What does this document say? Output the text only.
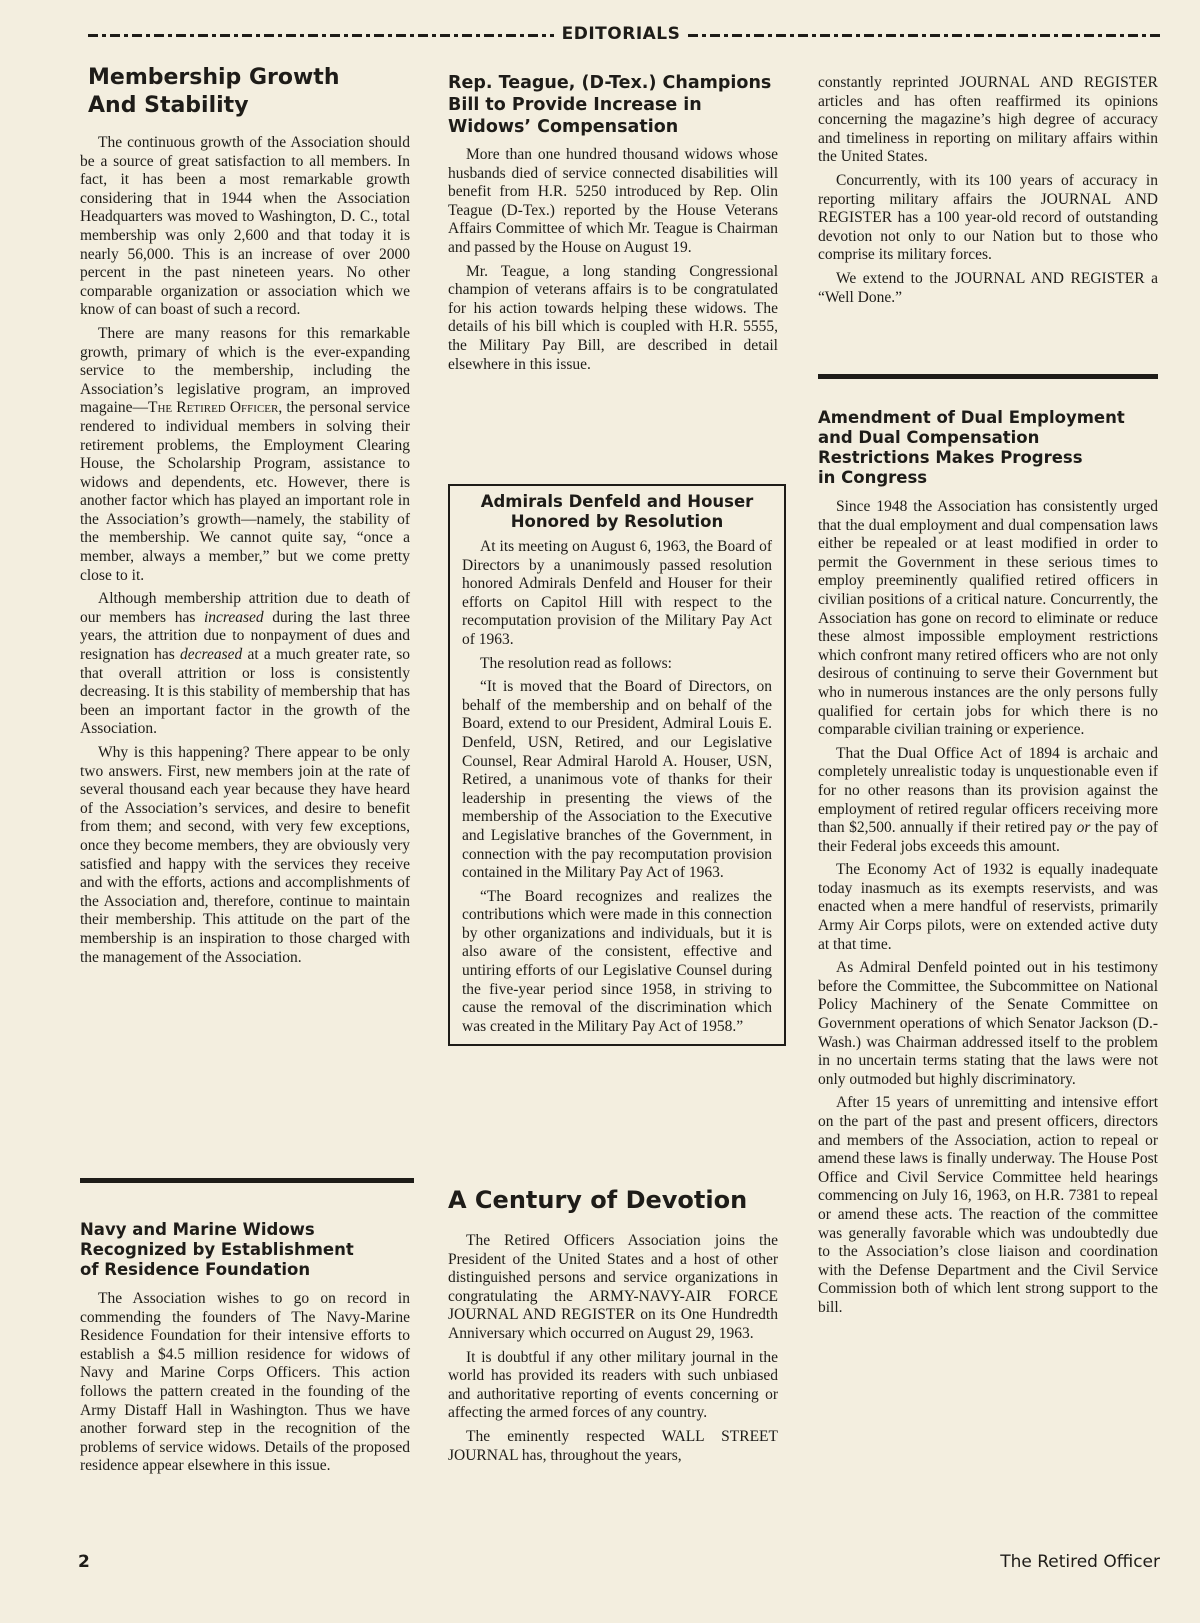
EDITORIALS
Membership Growth
And Stability

The continuous growth of the Association should be a source of great satisfaction to all members. In fact, it has been a most remarkable growth considering that in 1944 when the Association Headquarters was moved to Washington, D. C., total membership was only 2,600 and that today it is nearly 56,000. This is an increase of over 2000 percent in the past nineteen years. No other comparable organization or association which we know of can boast of such a record.

There are many reasons for this remarkable growth, primary of which is the ever-expanding service to the membership, including the Association’s legislative program, an improved magaine—The Retired Officer, the personal service rendered to individual members in solving their retirement problems, the Employment Clearing House, the Scholarship Program, assistance to widows and dependents, etc. However, there is another factor which has played an important role in the Association’s growth—namely, the stability of the membership. We cannot quite say, “once a member, always a member,” but we come pretty close to it.

Although membership attrition due to death of our members has increased during the last three years, the attrition due to nonpayment of dues and resignation has decreased at a much greater rate, so that overall attrition or loss is consistently decreasing. It is this stability of membership that has been an important factor in the growth of the Association.

Why is this happening? There appear to be only two answers. First, new members join at the rate of several thousand each year because they have heard of the Association’s services, and desire to benefit from them; and second, with very few exceptions, once they become members, they are obviously very satisfied and happy with the services they receive and with the efforts, actions and accomplishments of the Association and, therefore, continue to maintain their membership. This attitude on the part of the membership is an inspiration to those charged with the management of the Association.

Navy and Marine Widows
Recognized by Establishment
of Residence Foundation

The Association wishes to go on record in commending the founders of The Navy-Marine Residence Foundation for their intensive efforts to establish a $4.5 million residence for widows of Navy and Marine Corps Officers. This action follows the pattern created in the founding of the Army Distaff Hall in Washington. Thus we have another forward step in the recognition of the problems of service widows. Details of the proposed residence appear elsewhere in this issue.

Rep. Teague, (D-Tex.) Champions
Bill to Provide Increase in
Widows’ Compensation

More than one hundred thousand widows whose husbands died of service connected disabilities will benefit from H.R. 5250 introduced by Rep. Olin Teague (D-Tex.) reported by the House Veterans Affairs Committee of which Mr. Teague is Chairman and passed by the House on August 19.

Mr. Teague, a long standing Congressional champion of veterans affairs is to be congratulated for his action towards helping these widows. The details of his bill which is coupled with H.R. 5555, the Military Pay Bill, are described in detail elsewhere in this issue.

Admirals Denfeld and Houser
Honored by Resolution

At its meeting on August 6, 1963, the Board of Directors by a unanimously passed resolution honored Admirals Denfeld and Houser for their efforts on Capitol Hill with respect to the recomputation provision of the Military Pay Act of 1963.

The resolution read as follows:

“It is moved that the Board of Directors, on behalf of the membership and on behalf of the Board, extend to our President, Admiral Louis E. Denfeld, USN, Retired, and our Legislative Counsel, Rear Admiral Harold A. Houser, USN, Retired, a unanimous vote of thanks for their leadership in presenting the views of the membership of the Association to the Executive and Legislative branches of the Government, in connection with the pay recomputation provision contained in the Military Pay Act of 1963.

“The Board recognizes and realizes the contributions which were made in this connection by other organizations and individuals, but it is also aware of the consistent, effective and untiring efforts of our Legislative Counsel during the five-year period since 1958, in striving to cause the removal of the discrimination which was created in the Military Pay Act of 1958.”

A Century of Devotion

The Retired Officers Association joins the President of the United States and a host of other distinguished persons and service organizations in congratulating the ARMY-NAVY-AIR FORCE JOURNAL AND REGISTER on its One Hundredth Anniversary which occurred on August 29, 1963.

It is doubtful if any other military journal in the world has provided its readers with such unbiased and authoritative reporting of events concerning or affecting the armed forces of any country.

The eminently respected WALL STREET JOURNAL has, throughout the years,

constantly reprinted JOURNAL AND REGISTER articles and has often reaffirmed its opinions concerning the magazine’s high degree of accuracy and timeliness in reporting on military affairs within the United States.

Concurrently, with its 100 years of accuracy in reporting military affairs the JOURNAL AND REGISTER has a 100 year-old record of outstanding devotion not only to our Nation but to those who comprise its military forces.

We extend to the JOURNAL AND REGISTER a “Well Done.”

Amendment of Dual Employment
and Dual Compensation
Restrictions Makes Progress
in Congress

Since 1948 the Association has consistently urged that the dual employment and dual compensation laws either be repealed or at least modified in order to permit the Government in these serious times to employ preeminently qualified retired officers in civilian positions of a critical nature. Concurrently, the Association has gone on record to eliminate or reduce these almost impossible employment restrictions which confront many retired officers who are not only desirous of continuing to serve their Government but who in numerous instances are the only persons fully qualified for certain jobs for which there is no comparable civilian training or experience.

That the Dual Office Act of 1894 is archaic and completely unrealistic today is unquestionable even if for no other reasons than its provision against the employment of retired regular officers receiving more than $2,500. annually if their retired pay or the pay of their Federal jobs exceeds this amount.

The Economy Act of 1932 is equally inadequate today inasmuch as its exempts reservists, and was enacted when a mere handful of reservists, primarily Army Air Corps pilots, were on extended active duty at that time.

As Admiral Denfeld pointed out in his testimony before the Committee, the Subcommittee on National Policy Machinery of the Senate Committee on Government operations of which Senator Jackson (D.-Wash.) was Chairman addressed itself to the problem in no uncertain terms stating that the laws were not only outmoded but highly discriminatory.

After 15 years of unremitting and intensive effort on the part of the past and present officers, directors and members of the Association, action to repeal or amend these laws is finally underway. The House Post Office and Civil Service Committee held hearings commencing on July 16, 1963, on H.R. 7381 to repeal or amend these acts. The reaction of the committee was generally favorable which was undoubtedly due to the Association’s close liaison and coordination with the Defense Department and the Civil Service Commission both of which lent strong support to the bill.

2	The Retired Officer
